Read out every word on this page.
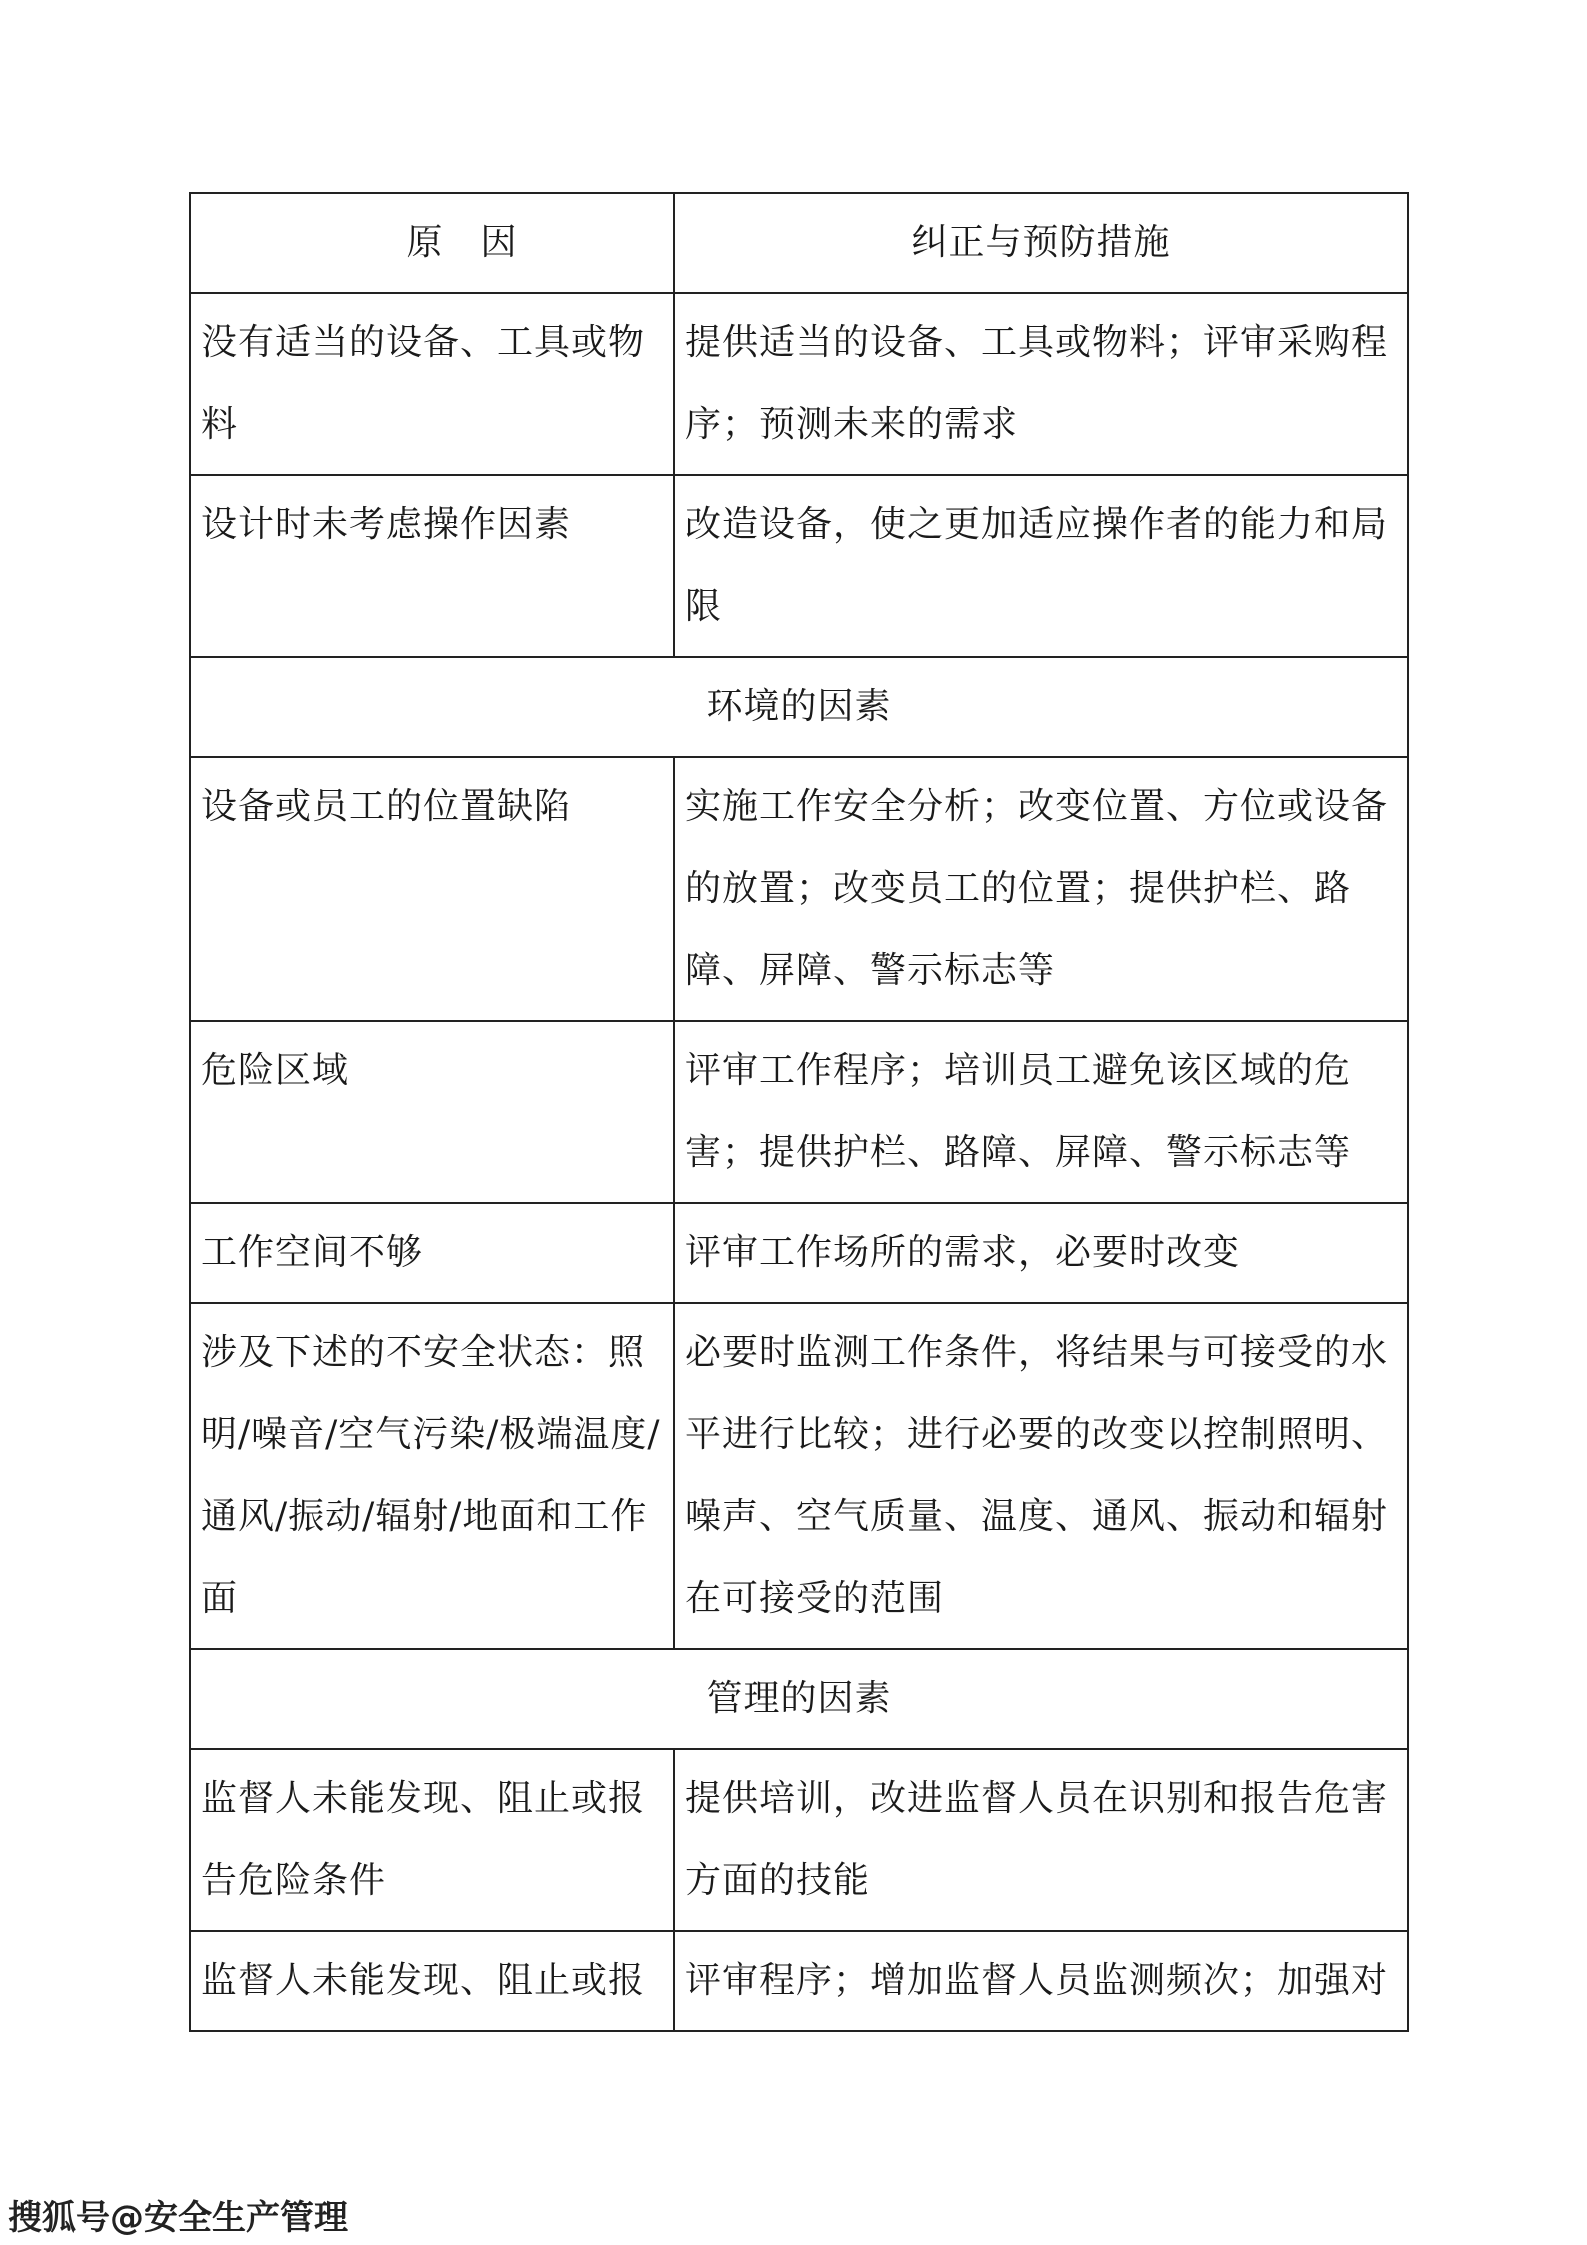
原　因	纠正与预防措施
没有适当的设备、工具或物料	提供适当的设备、工具或物料；评审采购程序；预测未来的需求
设计时未考虑操作因素	改造设备，使之更加适应操作者的能力和局限
环境的因素	
设备或员工的位置缺陷	实施工作安全分析；改变位置、方位或设备的放置；改变员工的位置；提供护栏、路障、屏障、警示标志等
危险区域	评审工作程序；培训员工避免该区域的危害；提供护栏、路障、屏障、警示标志等
工作空间不够	评审工作场所的需求，必要时改变
涉及下述的不安全状态：照明/噪音/空气污染/极端温度/通风/振动/辐射/地面和工作面	必要时监测工作条件，将结果与可接受的水平进行比较；进行必要的改变以控制照明、噪声、空气质量、温度、通风、振动和辐射在可接受的范围
管理的因素	
监督人未能发现、阻止或报告危险条件	提供培训，改进监督人员在识别和报告危害方面的技能
监督人未能发现、阻止或报	评审程序；增加监督人员监测频次；加强对
搜狐号@安全生产管理
